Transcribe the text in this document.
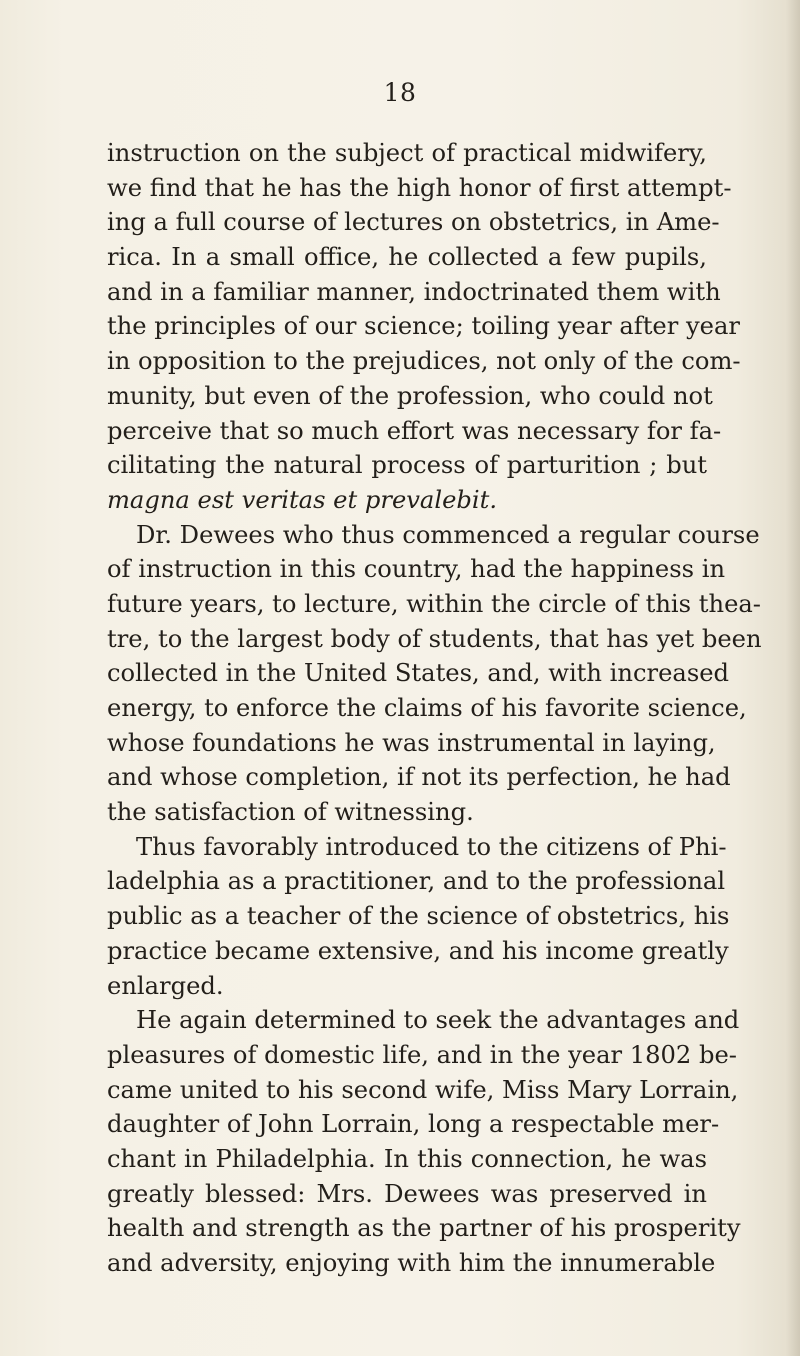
18
instruction on the subject of practical midwifery,
we find that he has the high honor of first attempt-
ing a full course of lectures on obstetrics, in Ame-
rica. In a small office, he collected a few pupils,
and in a familiar manner, indoctrinated them with
the principles of our science; toiling year after year
in opposition to the prejudices, not only of the com-
munity, but even of the profession, who could not
perceive that so much effort was necessary for fa-
cilitating the natural process of parturition ; but
magna est veritas et prevalebit.
Dr. Dewees who thus commenced a regular course
of instruction in this country, had the happiness in
future years, to lecture, within the circle of this thea-
tre, to the largest body of students, that has yet been
collected in the United States, and, with increased
energy, to enforce the claims of his favorite science,
whose foundations he was instrumental in laying,
and whose completion, if not its perfection, he had
the satisfaction of witnessing.
Thus favorably introduced to the citizens of Phi-
ladelphia as a practitioner, and to the professional
public as a teacher of the science of obstetrics, his
practice became extensive, and his income greatly
enlarged.
He again determined to seek the advantages and
pleasures of domestic life, and in the year 1802 be-
came united to his second wife, Miss Mary Lorrain,
daughter of John Lorrain, long a respectable mer-
chant in Philadelphia. In this connection, he was
greatly blessed: Mrs. Dewees was preserved in
health and strength as the partner of his prosperity
and adversity, enjoying with him the innumerable
